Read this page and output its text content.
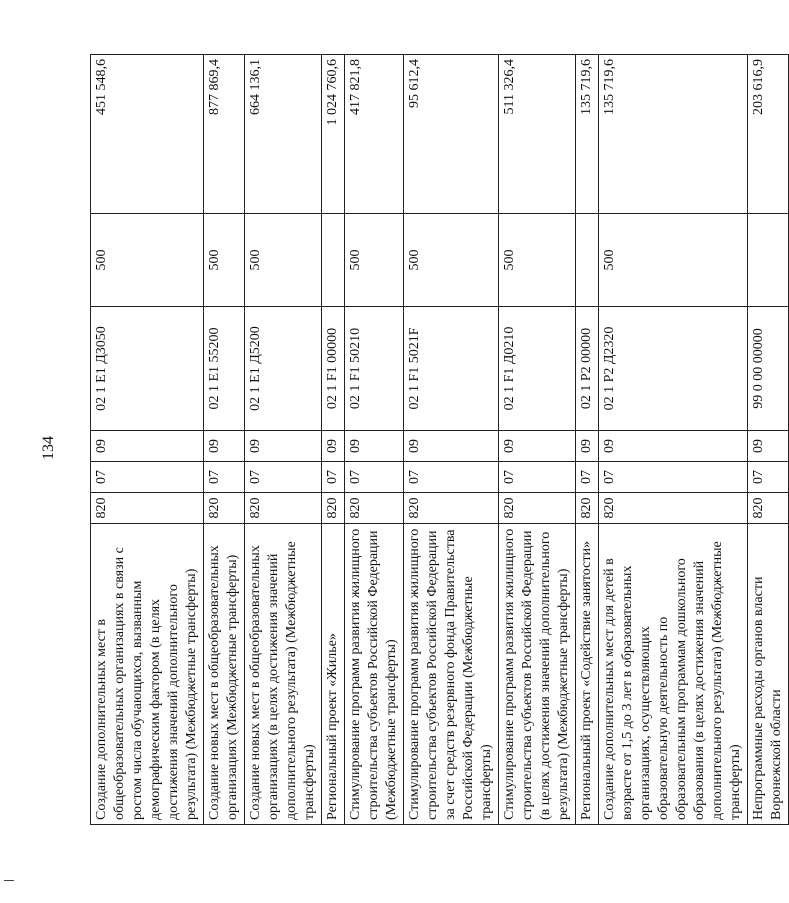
134
Создание дополнительных мест в общеобразовательных организациях в связи с ростом числа обучающихся, вызванным демографическим фактором (в целях достижения значений дополнительного результата) (Межбюджетные трансферты)	820	07	09	02 1 E1 Д3050	500	451 548,6
Создание новых мест в общеобразовательных организациях (Межбюджетные трансферты)	820	07	09	02 1 E1 55200	500	877 869,4
Создание новых мест в общеобразовательных организациях (в целях достижения значений дополнительного результата) (Межбюджетные трансферты)	820	07	09	02 1 E1 Д5200	500	664 136,1
Региональный проект «Жилье»	820	07	09	02 1 F1 00000		1 024 760,6
Стимулирование программ развития жилищного строительства субъектов Российской Федерации (Межбюджетные трансферты)	820	07	09	02 1 F1 50210	500	417 821,8
Стимулирование программ развития жилищного строительства субъектов Российской Федерации за счет средств резервного фонда Правительства Российской Федерации (Межбюджетные трансферты)	820	07	09	02 1 F1 5021F	500	95 612,4
Стимулирование программ развития жилищного строительства субъектов Российской Федерации (в целях достижения значений дополнительного результата) (Межбюджетные трансферты)	820	07	09	02 1 F1 Д0210	500	511 326,4
Региональный проект «Содействие занятости»	820	07	09	02 1 P2 00000		135 719,6
Создание дополнительных мест для детей в возрасте от 1,5 до 3 лет в образовательных организациях, осуществляющих образовательную деятельность по образовательным программам дошкольного образования (в целях достижения значений дополнительного результата) (Межбюджетные трансферты)	820	07	09	02 1 P2 Д2320	500	135 719,6
Непрограммные расходы органов власти Воронежской области	820	07	09	99 0 00 00000		203 616,9
